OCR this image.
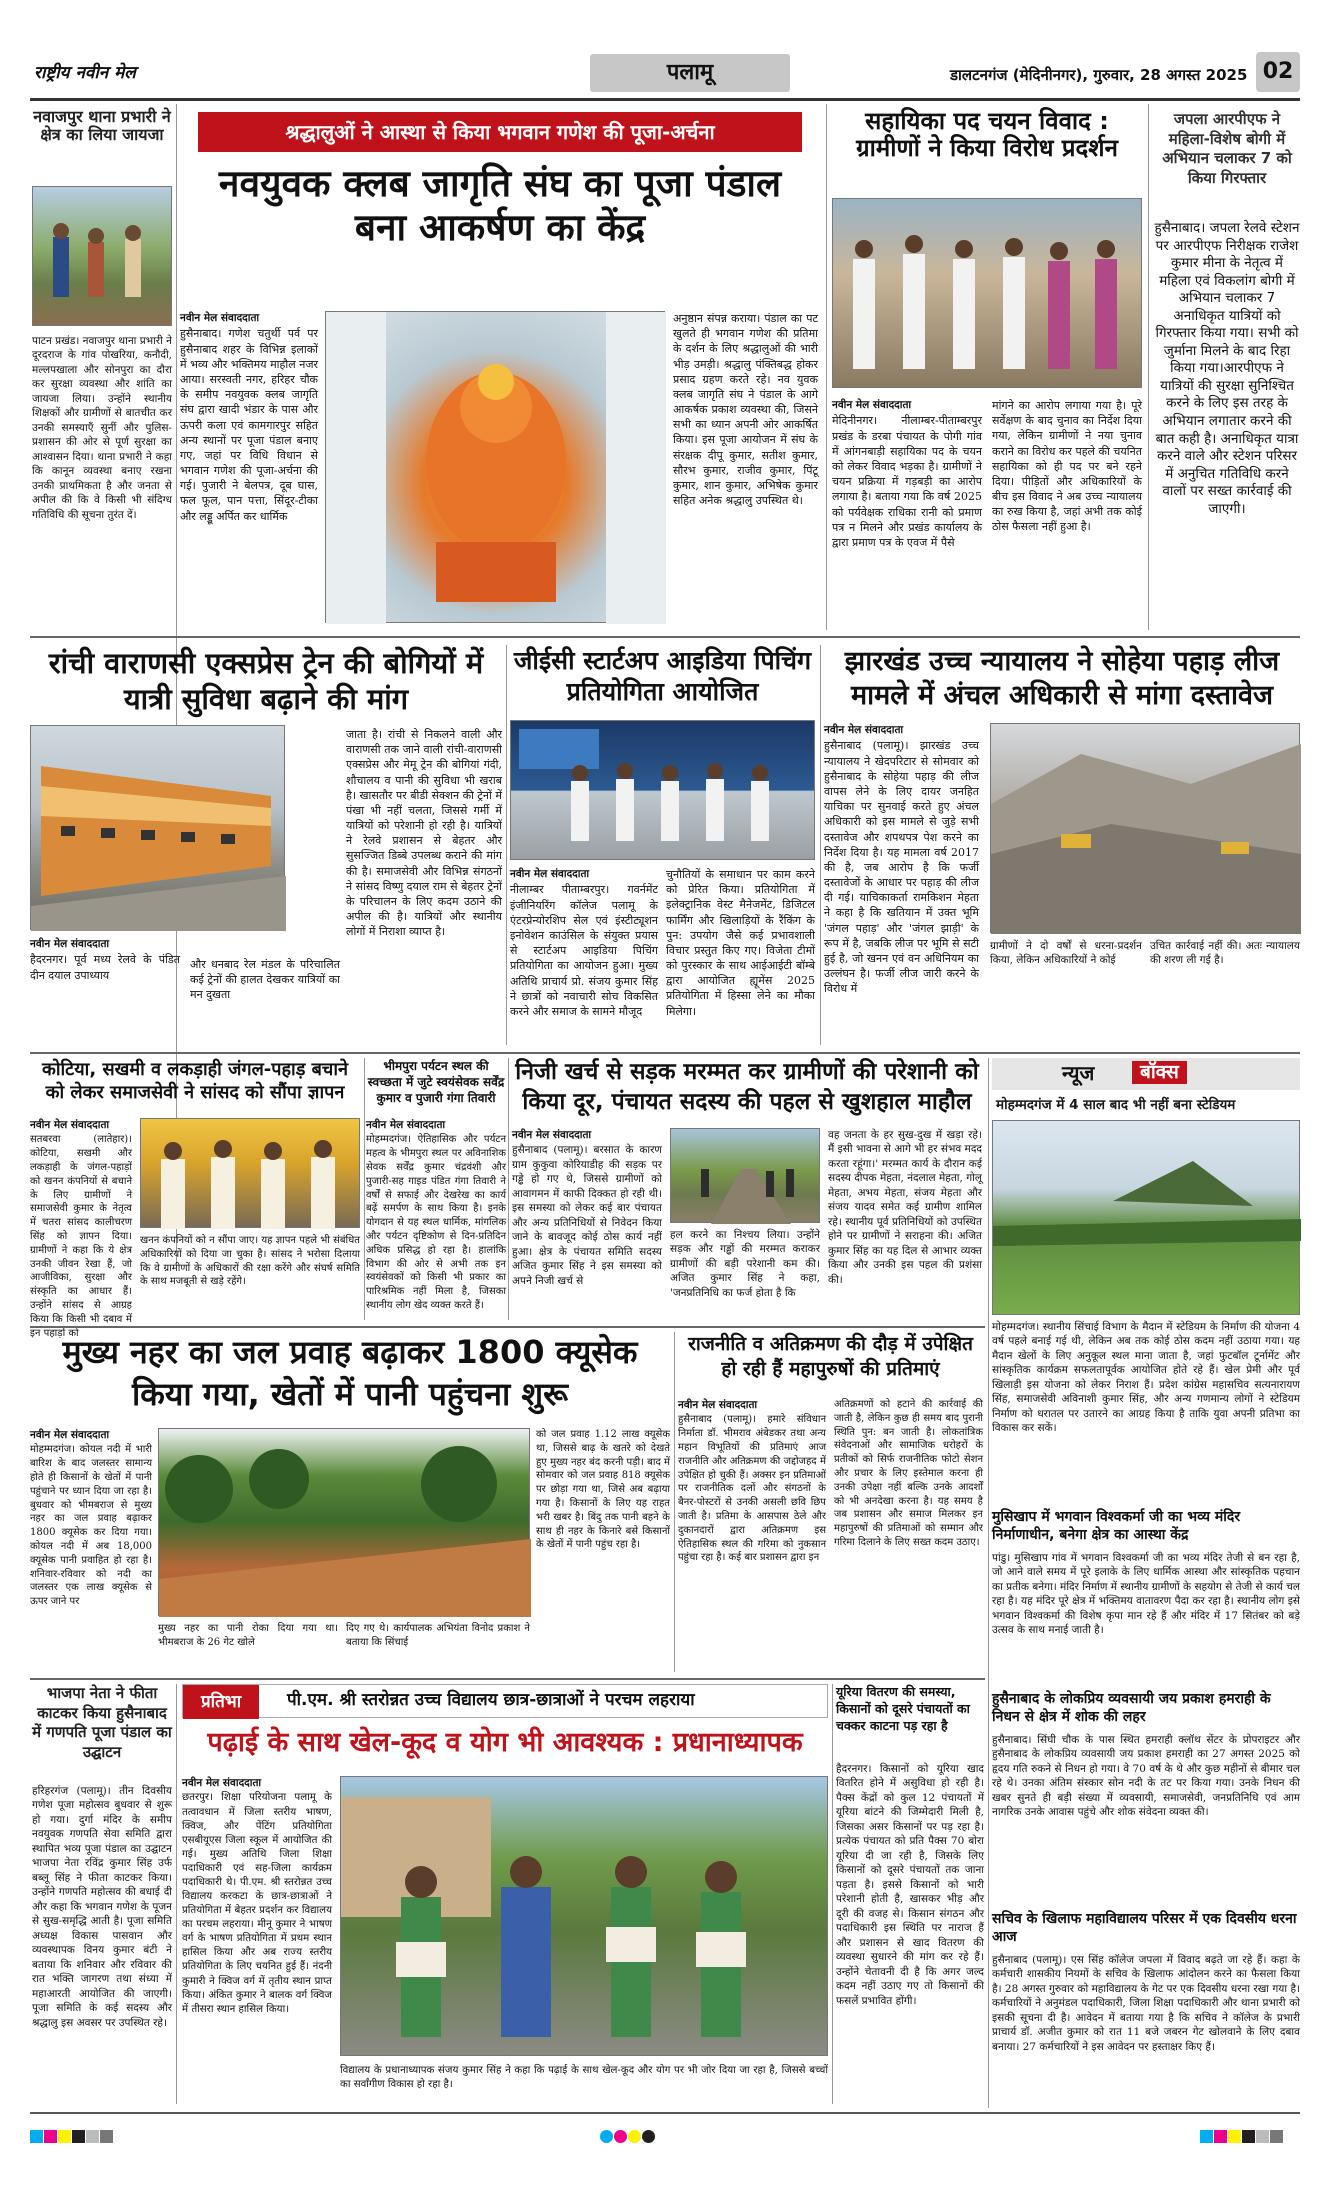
राष्ट्रीय नवीन मेल	पलामू	डालटनगंज (मेदिनीनगर), गुरुवार, 28 अगस्त 2025 02
नवाजपुर थाना प्रभारी ने क्षेत्र का लिया जायजा
पाटन प्रखंड। नवाजपुर थाना प्रभारी ने दूरदराज के गांव पोखरिया, कनौदी, मल्लपखाला और सोनपुरा का दौरा कर सुरक्षा व्यवस्था और शांति का जायजा लिया। उन्होंने स्थानीय शिक्षकों और ग्रामीणों से बातचीत कर उनकी समस्याएँ सुनीं और पुलिस-प्रशासन की ओर से पूर्ण सुरक्षा का आश्वासन दिया। थाना प्रभारी ने कहा कि कानून व्यवस्था बनाए रखना उनकी प्राथमिकता है और जनता से अपील की कि वे किसी भी संदिग्ध गतिविधि की सूचना तुरंत दें।
श्रद्धालुओं ने आस्था से किया भगवान गणेश की पूजा-अर्चना
नवयुवक क्लब जागृति संघ का पूजा पंडाल बना आकर्षण का केंद्र
नवीन मेल संवाददाता
हुसैनाबाद। गणेश चतुर्थी पर्व पर हुसैनाबाद शहर के विभिन्न इलाकों में भव्य और भक्तिमय माहौल नजर आया। सरस्वती नगर, हरिहर चौक के समीप नवयुवक क्लब जागृति संघ द्वारा खादी भंडार के पास और ऊपरी कला एवं कामगारपुर सहित अन्य स्थानों पर पूजा पंडाल बनाए गए, जहां पर विधि विधान से भगवान गणेश की पूजा-अर्चना की गई। पुजारी ने बेलपत्र, दूब घास, फल फूल, पान पत्ता, सिंदूर-टीका और लड्डू अर्पित कर धार्मिक
अनुष्ठान संपन्न कराया। पंडाल का पट खुलते ही भगवान गणेश की प्रतिमा के दर्शन के लिए श्रद्धालुओं की भारी भीड़ उमड़ी। श्रद्धालु पंक्तिबद्ध होकर प्रसाद ग्रहण करते रहे। नव युवक क्लब जागृति संघ ने पंडाल के आगे आकर्षक प्रकाश व्यवस्था की, जिसने सभी का ध्यान अपनी ओर आकर्षित किया। इस पूजा आयोजन में संघ के संरक्षक दीपू कुमार, सतीश कुमार, सौरभ कुमार, राजीव कुमार, पिंटू कुमार, शान कुमार, अभिषेक कुमार सहित अनेक श्रद्धालु उपस्थित थे।
सहायिका पद चयन विवाद : ग्रामीणों ने किया विरोध प्रदर्शन
नवीन मेल संवाददाता
मेदिनीनगर। नीलाम्बर-पीताम्बरपुर प्रखंड के डरबा पंचायत के पोगी गांव में आंगनबाड़ी सहायिका पद के चयन को लेकर विवाद भड़का है। ग्रामीणों ने चयन प्रक्रिया में गड़बड़ी का आरोप लगाया है। बताया गया कि वर्ष 2025 को पर्यवेक्षक राधिका रानी को प्रमाण पत्र न मिलने और प्रखंड कार्यालय के द्वारा प्रमाण पत्र के एवज में पैसे
मांगने का आरोप लगाया गया है। पूरे सर्वेक्षण के बाद चुनाव का निर्देश दिया गया, लेकिन ग्रामीणों ने नया चुनाव कराने का विरोध कर पहले की चयनित सहायिका को ही पद पर बने रहने दिया। पीड़ितों और अधिकारियों के बीच इस विवाद ने अब उच्च न्यायालय का रुख किया है, जहां अभी तक कोई ठोस फैसला नहीं हुआ है।
जपला आरपीएफ ने महिला-विशेष बोगी में अभियान चलाकर 7 को किया गिरफ्तार
हुसैनाबाद। जपला रेलवे स्टेशन पर आरपीएफ निरीक्षक राजेश कुमार मीना के नेतृत्व में महिला एवं विकलांग बोगी में अभियान चलाकर 7 अनाधिकृत यात्रियों को गिरफ्तार किया गया। सभी को जुर्माना मिलने के बाद रिहा किया गया।आरपीएफ ने यात्रियों की सुरक्षा सुनिश्चित करने के लिए इस तरह के अभियान लगातार करने की बात कही है। अनाधिकृत यात्रा करने वाले और स्टेशन परिसर में अनुचित गतिविधि करने वालों पर सख्त कार्रवाई की जाएगी।
रांची वाराणसी एक्सप्रेस ट्रेन की बोगियों में यात्री सुविधा बढ़ाने की मांग
नवीन मेल संवाददाता
हैदरनगर। पूर्व मध्य रेलवे के पंडित दीन दयाल उपाध्याय
और धनबाद रेल मंडल के परिचालित कई ट्रेनों की हालत देखकर यात्रियों का मन दुखता
जाता है। रांची से निकलने वाली और वाराणसी तक जाने वाली रांची-वाराणसी एक्सप्रेस और मेमू ट्रेन की बोगियां गंदी, शौचालय व पानी की सुविधा भी खराब है। खासतौर पर बीडी सेक्शन की ट्रेनों में पंखा भी नहीं चलता, जिससे गर्मी में यात्रियों को परेशानी हो रही है। यात्रियों ने रेलवे प्रशासन से बेहतर और सुसज्जित डिब्बे उपलब्ध कराने की मांग की है। समाजसेवी और विभिन्न संगठनों ने सांसद विष्णु दयाल राम से बेहतर ट्रेनों के परिचालन के लिए कदम उठाने की अपील की है। यात्रियों और स्थानीय लोगों में निराशा व्याप्त है।
जीईसी स्टार्टअप आइडिया पिचिंग प्रतियोगिता आयोजित
नवीन मेल संवाददाता
नीलाम्बर पीताम्बरपुर। गवर्नमेंट इंजीनियरिंग कॉलेज पलामू के एंटरप्रेन्योरशिप सेल एवं इंस्टीट्यूशन इनोवेशन काउंसिल के संयुक्त प्रयास से स्टार्टअप आइडिया पिचिंग प्रतियोगिता का आयोजन हुआ। मुख्य अतिथि प्राचार्य प्रो. संजय कुमार सिंह ने छात्रों को नवाचारी सोच विकसित करने और समाज के सामने मौजूद
चुनौतियों के समाधान पर काम करने को प्रेरित किया। प्रतियोगिता में इलेक्ट्रानिक वेस्ट मैनेजमेंट, डिजिटल फार्मिंग और खिलाड़ियों के रैंकिंग के पुन: उपयोग जैसे कई प्रभावशाली विचार प्रस्तुत किए गए। विजेता टीमों को पुरस्कार के साथ आईआईटी बॉम्बे द्वारा आयोजित ह्यूमेंस 2025 प्रतियोगिता में हिस्सा लेने का मौका मिलेगा।
झारखंड उच्च न्यायालय ने सोहेया पहाड़ लीज मामले में अंचल अधिकारी से मांगा दस्तावेज
नवीन मेल संवाददाता
हुसैनाबाद (पलामू)। झारखंड उच्च न्यायालय ने खेदपरिटार से सोमवार को हुसैनाबाद के सोहेया पहाड़ की लीज वापस लेने के लिए दायर जनहित याचिका पर सुनवाई करते हुए अंचल अधिकारी को इस मामले से जुड़े सभी दस्तावेज और शपथपत्र पेश करने का निर्देश दिया है। यह मामला वर्ष 2017 की है, जब आरोप है कि फर्जी दस्तावेजों के आधार पर पहाड़ की लीज दी गई। याचिकाकर्ता रामकिशन मेहता ने कहा है कि खतियान में उक्त भूमि 'जंगल पहाड़' और 'जंगल झाड़ी' के रूप में है, जबकि लीज पर भूमि से सटी हुई है, जो खनन एवं वन अधिनियम का उल्लंघन है। फर्जी लीज जारी करने के विरोध में
ग्रामीणों ने दो वर्षों से धरना-प्रदर्शन किया, लेकिन अधिकारियों ने कोई
उचित कार्रवाई नहीं की। अतः न्यायालय की शरण ली गई है।
कोटिया, सखमी व लकड़ाही जंगल-पहाड़ बचाने को लेकर समाजसेवी ने सांसद को सौंपा ज्ञापन
नवीन मेल संवाददाता
सतबरवा (लातेहार)। कोटिया, सखमी और लकड़ाही के जंगल-पहाड़ों को खनन कंपनियों से बचाने के लिए ग्रामीणों ने समाजसेवी कुमार के नेतृत्व में चतरा सांसद कालीचरण सिंह को ज्ञापन दिया। ग्रामीणों ने कहा कि ये क्षेत्र उनकी जीवन रेखा हैं, जो आजीविका, सुरक्षा और संस्कृति का आधार हैं। उन्होंने सांसद से आग्रह किया कि किसी भी दबाव में इन पहाड़ों को
खनन कंपनियों को न सौंपा जाए। यह ज्ञापन पहले भी संबंधित अधिकारियों को दिया जा चुका है। सांसद ने भरोसा दिलाया कि वे ग्रामीणों के अधिकारों की रक्षा करेंगे और संघर्ष समिति के साथ मजबूती से खड़े रहेंगे।
भीमपुरा पर्यटन स्थल की स्वच्छता में जुटे स्वयंसेवक सर्वेंद्र कुमार व पुजारी गंगा तिवारी
नवीन मेल संवाददाता
मोहम्मदगंज। ऐतिहासिक और पर्यटन महत्व के भीमपुरा स्थल पर अविनाशिक सेवक सर्वेंद्र कुमार चंद्रवंशी और पुजारी-सह गाइड पंडित गंगा तिवारी ने वर्षों से सफाई और देखरेख का कार्य बढ़ें समर्पण के साथ किया है। इनके योगदान से यह स्थल धार्मिक, मांगलिक और पर्यटन दृष्टिकोण से दिन-प्रतिदिन अधिक प्रसिद्ध हो रहा है। हालांकि विभाग की ओर से अभी तक इन स्वयंसेवकों को किसी भी प्रकार का पारिश्रमिक नहीं मिला है, जिसका स्थानीय लोग खेद व्यक्त करते हैं।
निजी खर्च से सड़क मरम्मत कर ग्रामीणों की परेशानी को किया दूर, पंचायत सदस्य की पहल से खुशहाल माहौल
नवीन मेल संवाददाता
हुसैनाबाद (पलामू)। बरसात के कारण ग्राम कुकुवा कोरियाडीह की सड़क पर गड्ढे हो गए थे, जिससे ग्रामीणों को आवागमन में काफी दिक्कत हो रही थी। इस समस्या को लेकर कई बार पंचायत और अन्य प्रतिनिधियों से निवेदन किया जाने के बावजूद कोई ठोस कार्य नहीं हुआ। क्षेत्र के पंचायत समिति सदस्य अजित कुमार सिंह ने इस समस्या को अपने निजी खर्च से
हल करने का निश्चय लिया। उन्होंने सड़क और गड्ढों की मरम्मत कराकर ग्रामीणों की बड़ी परेशानी कम की। अजित कुमार सिंह ने कहा, 'जनप्रतिनिधि का फर्ज होता है कि
वह जनता के हर सुख-दुख में खड़ा रहे। मैं इसी भावना से आगे भी हर संभव मदद करता रहूंगा।' मरम्मत कार्य के दौरान कई सदस्य दीपक मेहता, नंदलाल मेहता, गोलू मेहता, अभय मेहता, संजय मेहता और संजय यादव समेत कई ग्रामीण शामिल रहे। स्थानीय पूर्व प्रतिनिधियों को उपस्थित होने पर ग्रामीणों ने सराहना की। अजित कुमार सिंह का यह दिल से आभार व्यक्त किया और उनकी इस पहल की प्रशंसा की।
न्यूज	बॉक्स
मोहम्मदगंज में 4 साल बाद भी नहीं बना स्टेडियम
मोहम्मदगंज। स्थानीय सिंचाई विभाग के मैदान में स्टेडियम के निर्माण की योजना 4 वर्ष पहले बनाई गई थी, लेकिन अब तक कोई ठोस कदम नहीं उठाया गया। यह मैदान खेलों के लिए अनुकूल स्थल माना जाता है, जहां फुटबॉल टूर्नामेंट और सांस्कृतिक कार्यक्रम सफलतापूर्वक आयोजित होते रहे हैं। खेल प्रेमी और पूर्व खिलाड़ी इस योजना को लेकर निराश हैं। प्रदेश कांग्रेस महासचिव सत्यनारायण सिंह, समाजसेवी अविनाशी कुमार सिंह, और अन्य गणमान्य लोगों ने स्टेडियम निर्माण को धरातल पर उतारने का आग्रह किया है ताकि युवा अपनी प्रतिभा का विकास कर सकें।
मुसिखाप में भगवान विश्वकर्मा जी का भव्य मंदिर निर्माणाधीन, बनेगा क्षेत्र का आस्था केंद्र
पांडु। मुसिखाप गांव में भगवान विश्वकर्मा जी का भव्य मंदिर तेजी से बन रहा है, जो आने वाले समय में पूरे इलाके के लिए धार्मिक आस्था और सांस्कृतिक पहचान का प्रतीक बनेगा। मंदिर निर्माण में स्थानीय ग्रामीणों के सहयोग से तेजी से कार्य चल रहा है। यह मंदिर पूरे क्षेत्र में भक्तिमय वातावरण पैदा कर रहा है। स्थानीय लोग इसे भगवान विश्वकर्मा की विशेष कृपा मान रहे हैं और मंदिर में 17 सितंबर को बड़े उत्सव के साथ मनाई जाती है।
हुसैनाबाद के लोकप्रिय व्यवसायी जय प्रकाश हमराही के निधन से क्षेत्र में शोक की लहर
हुसैनाबाद। सिंघी चौक के पास स्थित हमराही क्लॉथ सेंटर के प्रोपराइटर और हुसैनाबाद के लोकप्रिय व्यवसायी जय प्रकाश हमराही का 27 अगस्त 2025 को हृदय गति रुकने से निधन हो गया। वे 70 वर्ष के थे और कुछ महीनों से बीमार चल रहे थे। उनका अंतिम संस्कार सोन नदी के तट पर किया गया। उनके निधन की खबर सुनते ही बड़ी संख्या में व्यवसायी, समाजसेवी, जनप्रतिनिधि एवं आम नागरिक उनके आवास पहुंचे और शोक संवेदना व्यक्त की।
सचिव के खिलाफ महाविद्यालय परिसर में एक दिवसीय धरना आज
हुसैनाबाद (पलामू)। एस सिंह कॉलेज जपला में विवाद बढ़ते जा रहे हैं। कहा के कर्मचारी शासकीय नियमों के सचिव के खिलाफ आंदोलन करने का फैसला किया है। 28 अगस्त गुरुवार को महाविद्यालय के गेट पर एक दिवसीय धरना रखा गया है। कर्मचारियों ने अनुमंडल पदाधिकारी, जिला शिक्षा पदाधिकारी और थाना प्रभारी को इसकी सूचना दी है। आवेदन में बताया गया है कि सचिव ने कॉलेज के प्रभारी प्राचार्य डॉ. अजीत कुमार को रात 11 बजे जबरन गेट खोलवाने के लिए दबाव बनाया। 27 कर्मचारियों ने इस आवेदन पर हस्ताक्षर किए हैं।
मुख्य नहर का जल प्रवाह बढ़ाकर 1800 क्यूसेक किया गया, खेतों में पानी पहुंचना शुरू
नवीन मेल संवाददाता
मोहम्मदगंज। कोयल नदी में भारी बारिश के बाद जलस्तर सामान्य होते ही किसानों के खेतों में पानी पहुंचाने पर ध्यान दिया जा रहा है। बुधवार को भीमबराज से मुख्य नहर का जल प्रवाह बढ़ाकर 1800 क्यूसेक कर दिया गया। कोयल नदी में अब 18,000 क्यूसेक पानी प्रवाहित हो रहा है। शनिवार-रविवार को नदी का जलस्तर एक लाख क्यूसेक से ऊपर जाने पर
मुख्य नहर का पानी रोका दिया गया था। भीमबराज के 26 गेट खोले
दिए गए थे। कार्यपालक अभियंता विनोद प्रकाश ने बताया कि सिंचाई
को जल प्रवाह 1.12 लाख क्यूसेक था, जिससे बाढ़ के खतरे को देखते हुए मुख्य नहर बंद करनी पड़ी। बाद में सोमवार को जल प्रवाह 818 क्यूसेक पर छोड़ा गया था, जिसे अब बढ़ाया गया है। किसानों के लिए यह राहत भरी खबर है। बिंदु तक पानी बहने के साथ ही नहर के किनारे बसे किसानों के खेतों में पानी पहुंच रहा है।
राजनीति व अतिक्रमण की दौड़ में उपेक्षित हो रही हैं महापुरुषों की प्रतिमाएं
नवीन मेल संवाददाता
हुसैनाबाद (पलामू)। हमारे संविधान निर्माता डॉ. भीमराव अंबेडकर तथा अन्य महान विभूतियों की प्रतिमाएं आज राजनीति और अतिक्रमण की जद्दोजहद में उपेक्षित हो चुकी हैं। अक्सर इन प्रतिमाओं पर राजनीतिक दलों और संगठनों के बैनर-पोस्टरों से उनकी असली छवि छिप जाती है। प्रतिमा के आसपास ठेले और दुकानदारों द्वारा अतिक्रमण इस ऐतिहासिक स्थल की गरिमा को नुकसान पहुंचा रहा है। कई बार प्रशासन द्वारा इन
अतिक्रमणों को हटाने की कार्रवाई की जाती है, लेकिन कुछ ही समय बाद पुरानी स्थिति पुन: बन जाती है। लोकतांत्रिक संवेदनाओं और सामाजिक धरोहरों के प्रतीकों को सिर्फ राजनीतिक फोटो सेशन और प्रचार के लिए इस्तेमाल करना ही उनकी उपेक्षा नहीं बल्कि उनके आदर्शों को भी अनदेखा करना है। यह समय है जब प्रशासन और समाज मिलकर इन महापुरुषों की प्रतिमाओं को सम्मान और गरिमा दिलाने के लिए सख्त कदम उठाए।
भाजपा नेता ने फीता काटकर किया हुसैनाबाद में गणपति पूजा पंडाल का उद्घाटन
हरिहरगंज (पलामू)। तीन दिवसीय गणेश पूजा महोत्सव बुधवार से शुरू हो गया। दुर्गा मंदिर के समीप नवयुवक गणपति सेवा समिति द्वारा स्थापित भव्य पूजा पंडाल का उद्घाटन भाजपा नेता रविंद्र कुमार सिंह उर्फ बब्लू सिंह ने फीता काटकर किया। उन्होंने गणपति महोत्सव की बधाई दी और कहा कि भगवान गणेश के पूजन से सुख-समृद्धि आती है। पूजा समिति अध्यक्ष विकास पासवान और व्यवस्थापक विनय कुमार बंटी ने बताया कि शनिवार और रविवार की रात भक्ति जागरण तथा संध्या में महाआरती आयोजित की जाएगी। पूजा समिति के कई सदस्य और श्रद्धालु इस अवसर पर उपस्थित रहे।
प्रतिभा	पी.एम. श्री स्तरोन्नत उच्च विद्यालय छात्र-छात्राओं ने परचम लहराया
पढ़ाई के साथ खेल-कूद व योग भी आवश्यक : प्रधानाध्यापक
नवीन मेल संवाददाता
छतरपुर। शिक्षा परियोजना पलामू के तत्वावधान में जिला स्तरीय भाषण, क्विज, और पेंटिंग प्रतियोगिता एसबीयूएस जिला स्कूल में आयोजित की गई। मुख्य अतिथि जिला शिक्षा पदाधिकारी एवं सह-जिला कार्यक्रम पदाधिकारी थे। पी.एम. श्री स्तरोन्नत उच्च विद्यालय करकटा के छात्र-छात्राओं ने प्रतियोगिता में बेहतर प्रदर्शन कर विद्यालय का परचम लहराया। मीनू कुमार ने भाषण वर्ग के भाषण प्रतियोगिता में प्रथम स्थान हासिल किया और अब राज्य स्तरीय प्रतियोगिता के लिए चयनित हुई हैं। नंदनी कुमारी ने क्विज वर्ग में तृतीय स्थान प्राप्त किया। अंकित कुमार ने बालक वर्ग क्विज में तीसरा स्थान हासिल किया।
विद्यालय के प्रधानाध्यापक संजय कुमार सिंह ने कहा कि पढ़ाई के साथ खेल-कूद और योग पर भी जोर दिया जा रहा है, जिससे बच्चों का सर्वांगीण विकास हो रहा है।
यूरिया वितरण की समस्या, किसानों को दूसरे पंचायतों का चक्कर काटना पड़ रहा है
हैदरनगर। किसानों को यूरिया खाद वितरित होने में असुविधा हो रही है। पैक्स केंद्रों को कुल 12 पंचायतों में यूरिया बांटने की जिम्मेदारी मिली है, जिसका असर किसानों पर पड़ रहा है। प्रत्येक पंचायत को प्रति पैक्स 70 बोरा यूरिया दी जा रही है, जिसके लिए किसानों को दूसरे पंचायतों तक जाना पड़ता है। इससे किसानों को भारी परेशानी होती है, खासकर भीड़ और दूरी की वजह से। किसान संगठन और पदाधिकारी इस स्थिति पर नाराज हैं और प्रशासन से खाद वितरण की व्यवस्था सुधारने की मांग कर रहे हैं। उन्होंने चेतावनी दी है कि अगर जल्द कदम नहीं उठाए गए तो किसानों की फसलें प्रभावित होंगी।
